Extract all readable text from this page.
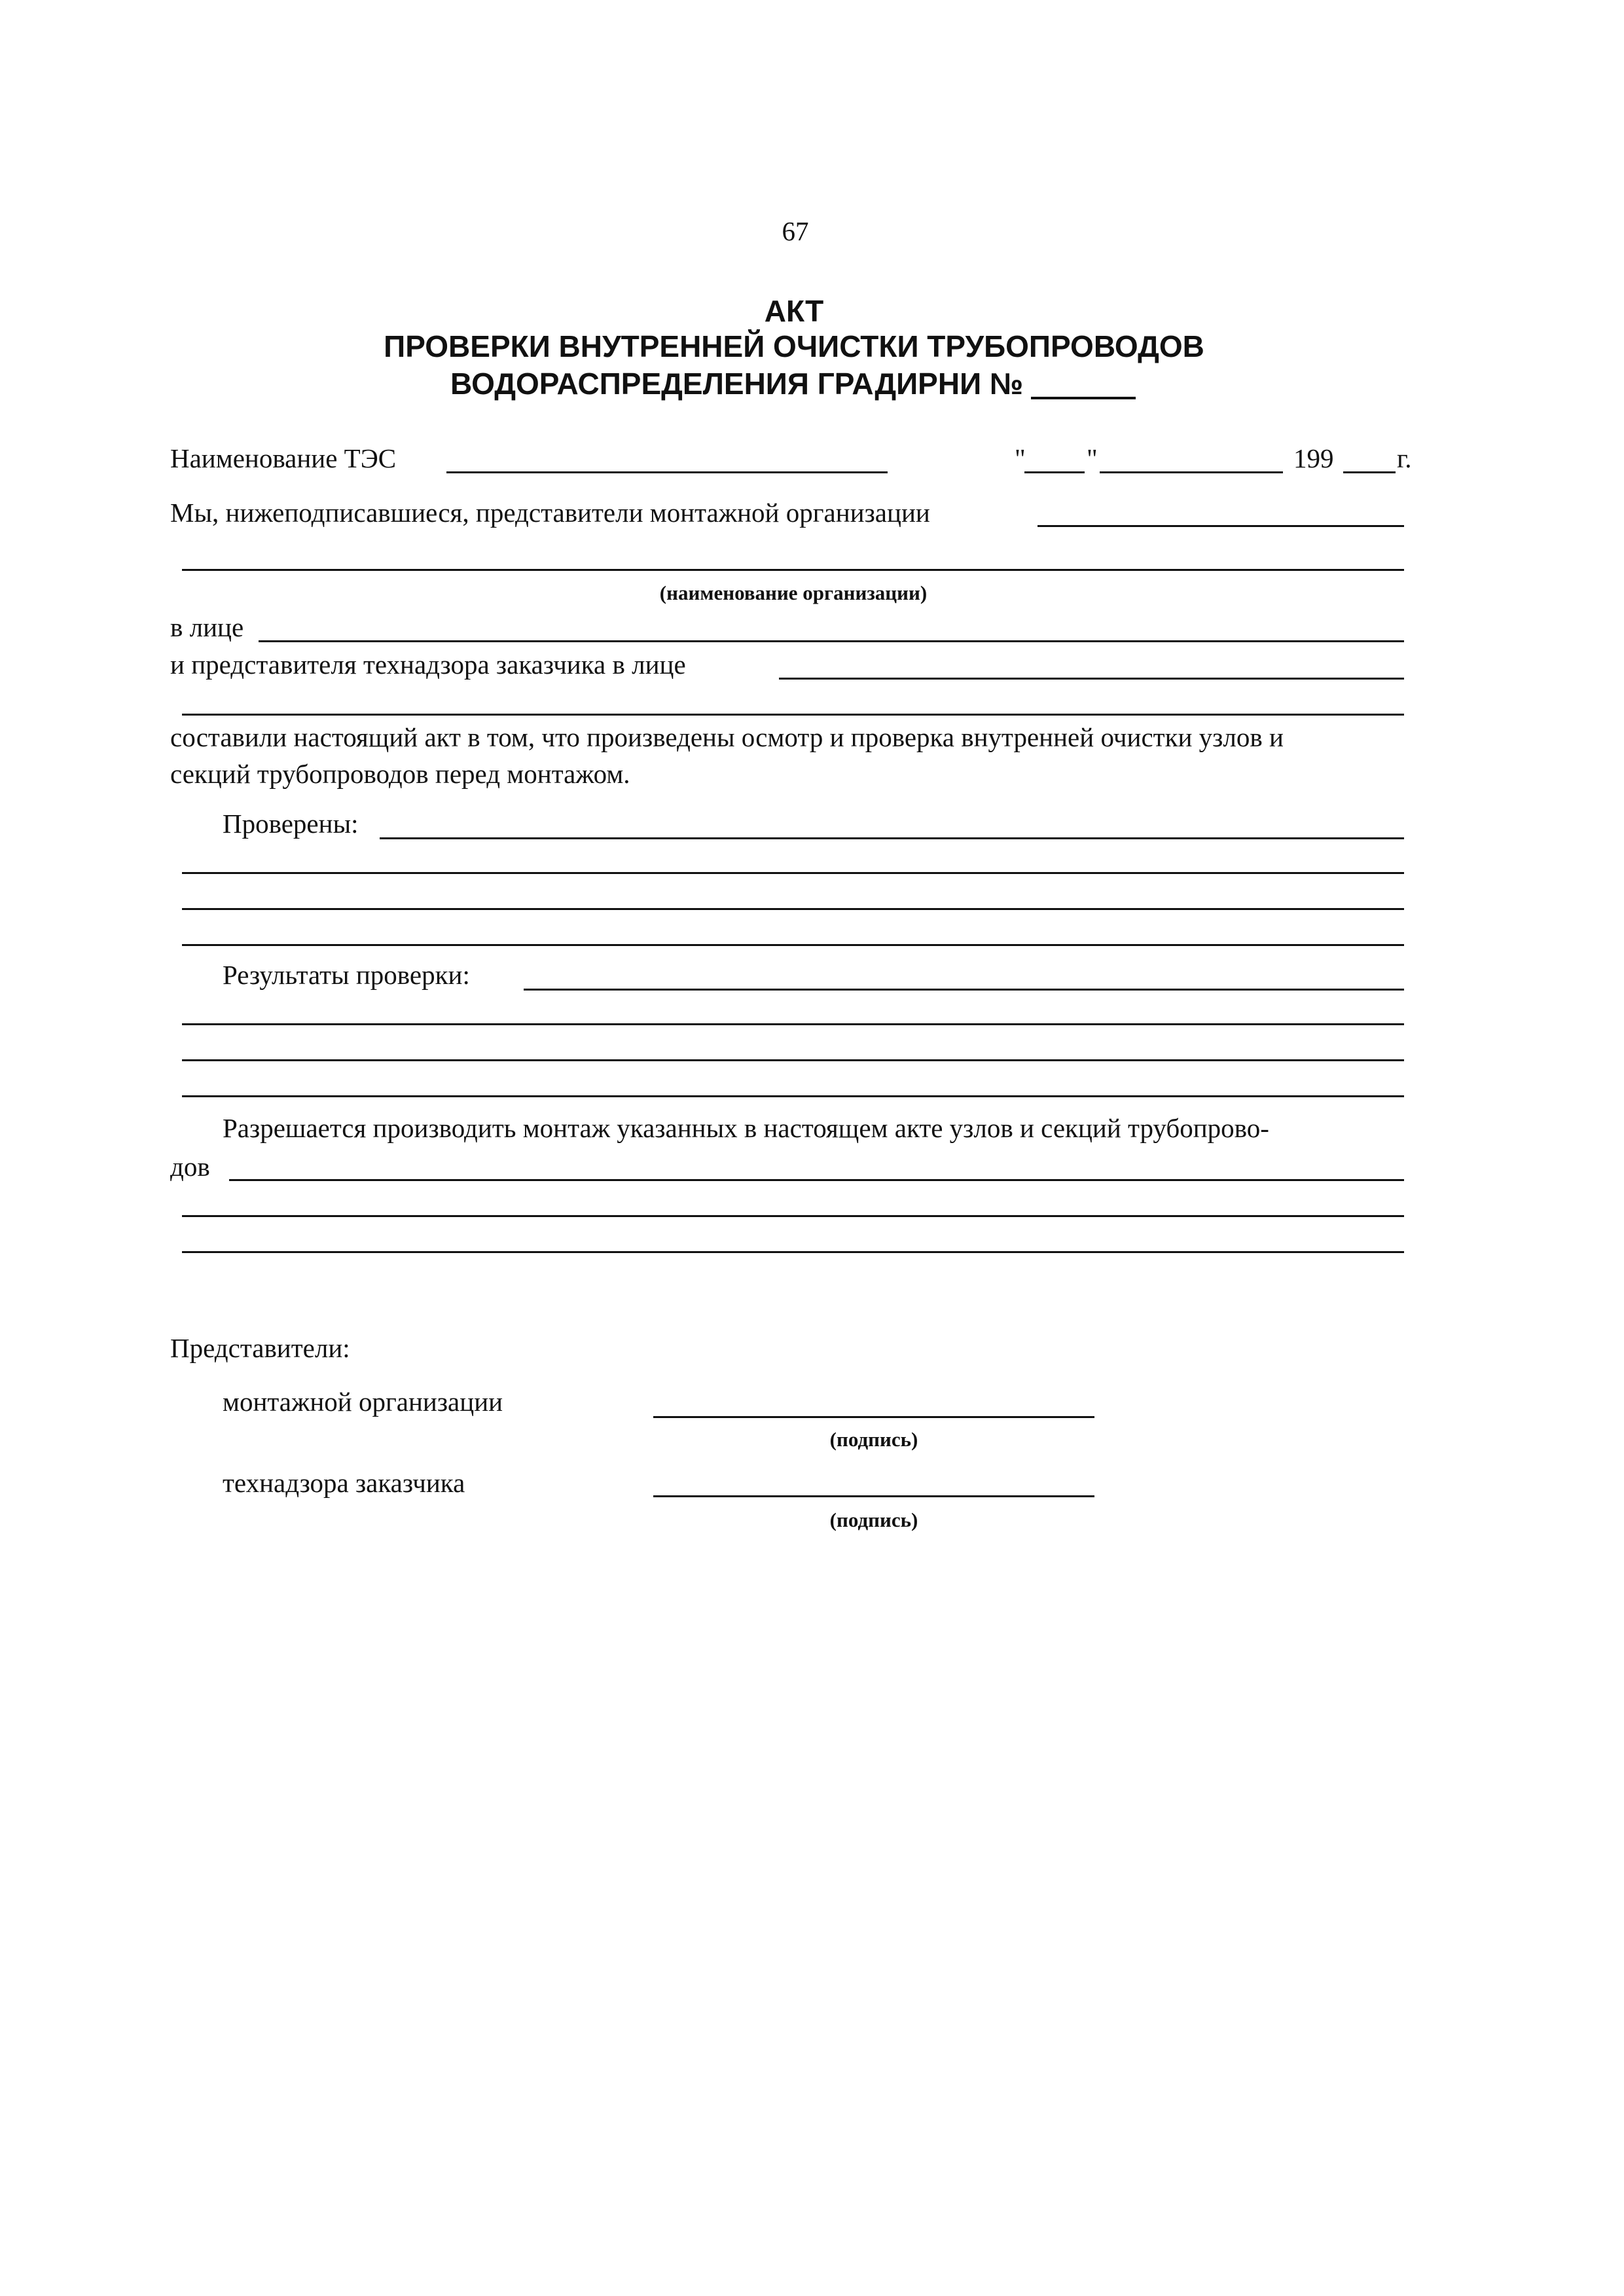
67
АКТ
ПРОВЕРКИ ВНУТРЕННЕЙ ОЧИСТКИ ТРУБОПРОВОДОВ
ВОДОРАСПРЕДЕЛЕНИЯ ГРАДИРНИ №
Наименование ТЭС	" "	199 г.
Мы, нижеподписавшиеся, представители монтажной организации
(наименование организации)
в лице
и представителя технадзора заказчика в лице
составили настоящий акт в том, что произведены осмотр и проверка внутренней очистки узлов и
секций трубопроводов перед монтажом.
Проверены:
Результаты проверки:
Разрешается производить монтаж указанных в настоящем акте узлов и секций трубопрово-
дов
Представители:
монтажной организации
(подпись)
технадзора заказчика
(подпись)
